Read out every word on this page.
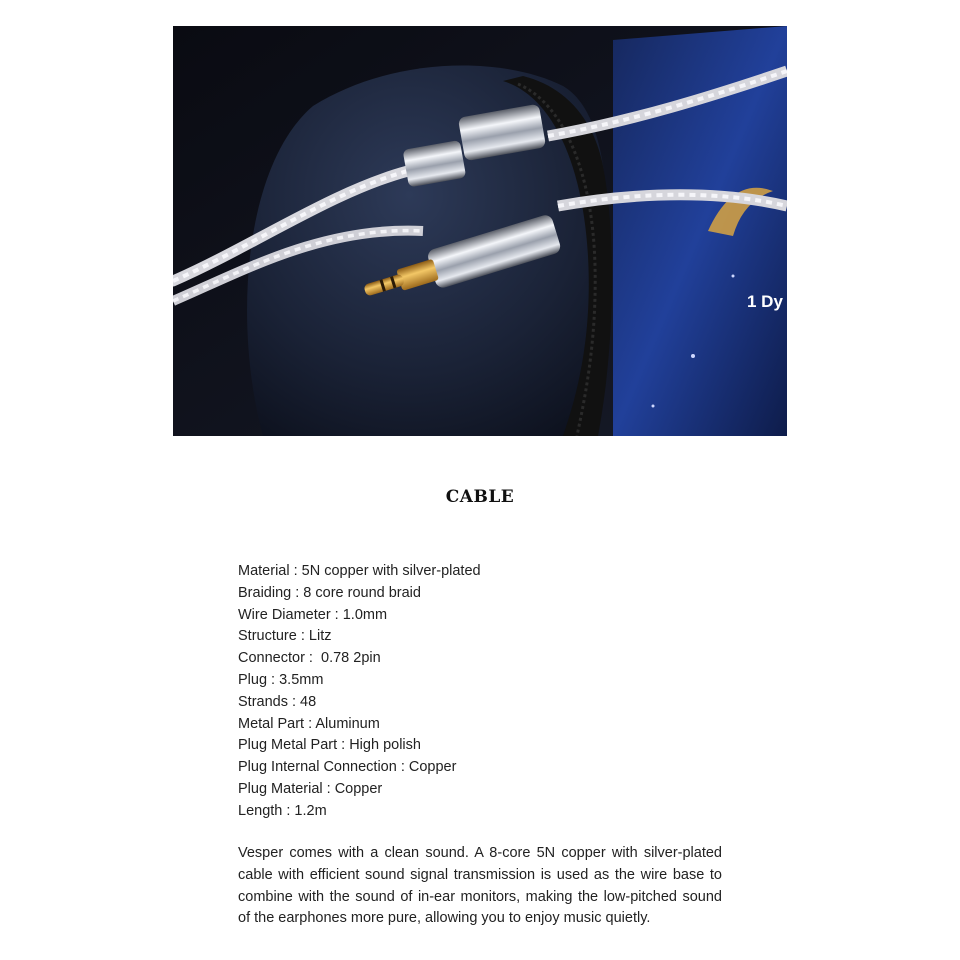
1 Dy
CABLE
Material : 5N copper with silver-plated
Braiding : 8 core round braid
Wire Diameter : 1.0mm
Structure : Litz
Connector :  0.78 2pin
Plug : 3.5mm
Strands : 48
Metal Part : Aluminum
Plug Metal Part : High polish
Plug Internal Connection : Copper
Plug Material : Copper
Length : 1.2m

Vesper comes with a clean sound. A 8-core 5N copper with silver-plated cable with efficient sound signal transmission is used as the wire base to combine with the sound of in-ear monitors, making the low-pitched sound of the earphones more pure, allowing you to enjoy music quietly.
